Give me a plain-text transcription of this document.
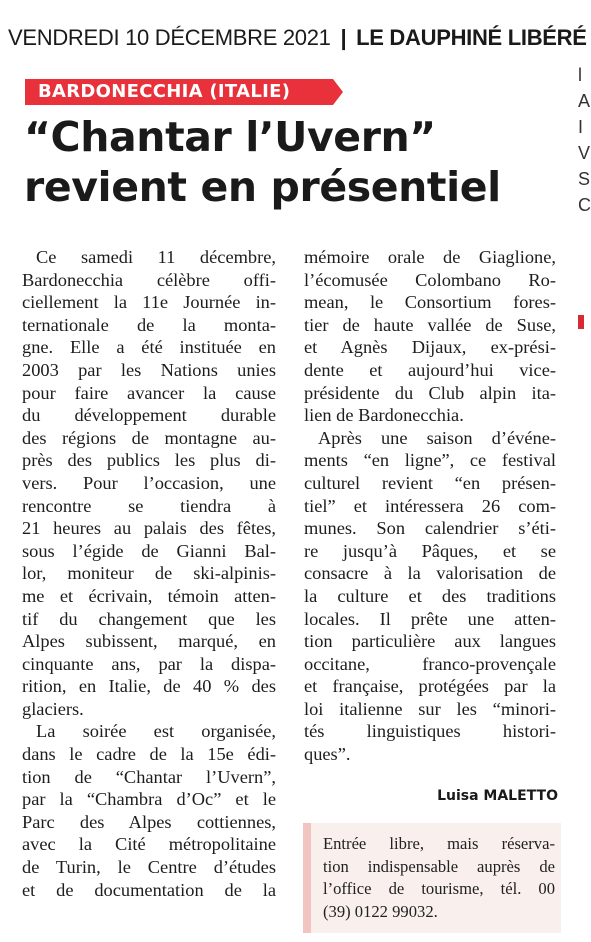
VENDREDI 10 DÉCEMBRE 2021 | LE DAUPHINÉ LIBÉRÉ
l
A
I
V
S
C
BARDONECCHIA (ITALIE)
“Chantar l’Uvern”
revient en présentiel

Ce samedi 11 décembre,
Bardonecchia célèbre offi-
ciellement la 11e Journée in-
ternationale de la monta-
gne. Elle a été instituée en
2003 par les Nations unies
pour faire avancer la cause
du développement durable
des régions de montagne au-
près des publics les plus di-
vers. Pour l’occasion, une
rencontre se tiendra à
21 heures au palais des fêtes,
sous l’égide de Gianni Bal-
lor, moniteur de ski-alpinis-
me et écrivain, témoin atten-
tif du changement que les
Alpes subissent, marqué, en
cinquante ans, par la dispa-
rition, en Italie, de 40 % des
glaciers.

La soirée est organisée,
dans le cadre de la 15e édi-
tion de “Chantar l’Uvern”,
par la “Chambra d’Oc” et le
Parc des Alpes cottiennes,
avec la Cité métropolitaine
de Turin, le Centre d’études
et de documentation de la

mémoire orale de Giaglione,
l’écomusée Colombano Ro-
mean, le Consortium fores-
tier de haute vallée de Suse,
et Agnès Dijaux, ex-prési-
dente et aujourd’hui vice-
présidente du Club alpin ita-
lien de Bardonecchia.

Après une saison d’événe-
ments “en ligne”, ce festival
culturel revient “en présen-
tiel” et intéressera 26 com-
munes. Son calendrier s’éti-
re jusqu’à Pâques, et se
consacre à la valorisation de
la culture et des traditions
locales. Il prête une atten-
tion particulière aux langues
occitane, franco-provençale
et française, protégées par la
loi italienne sur les “minori-
tés linguistiques histori-
ques”.

Luisa MALETTO
Entrée libre, mais réserva-
tion indispensable auprès de
l’office de tourisme, tél. 00
(39) 0122 99032.
